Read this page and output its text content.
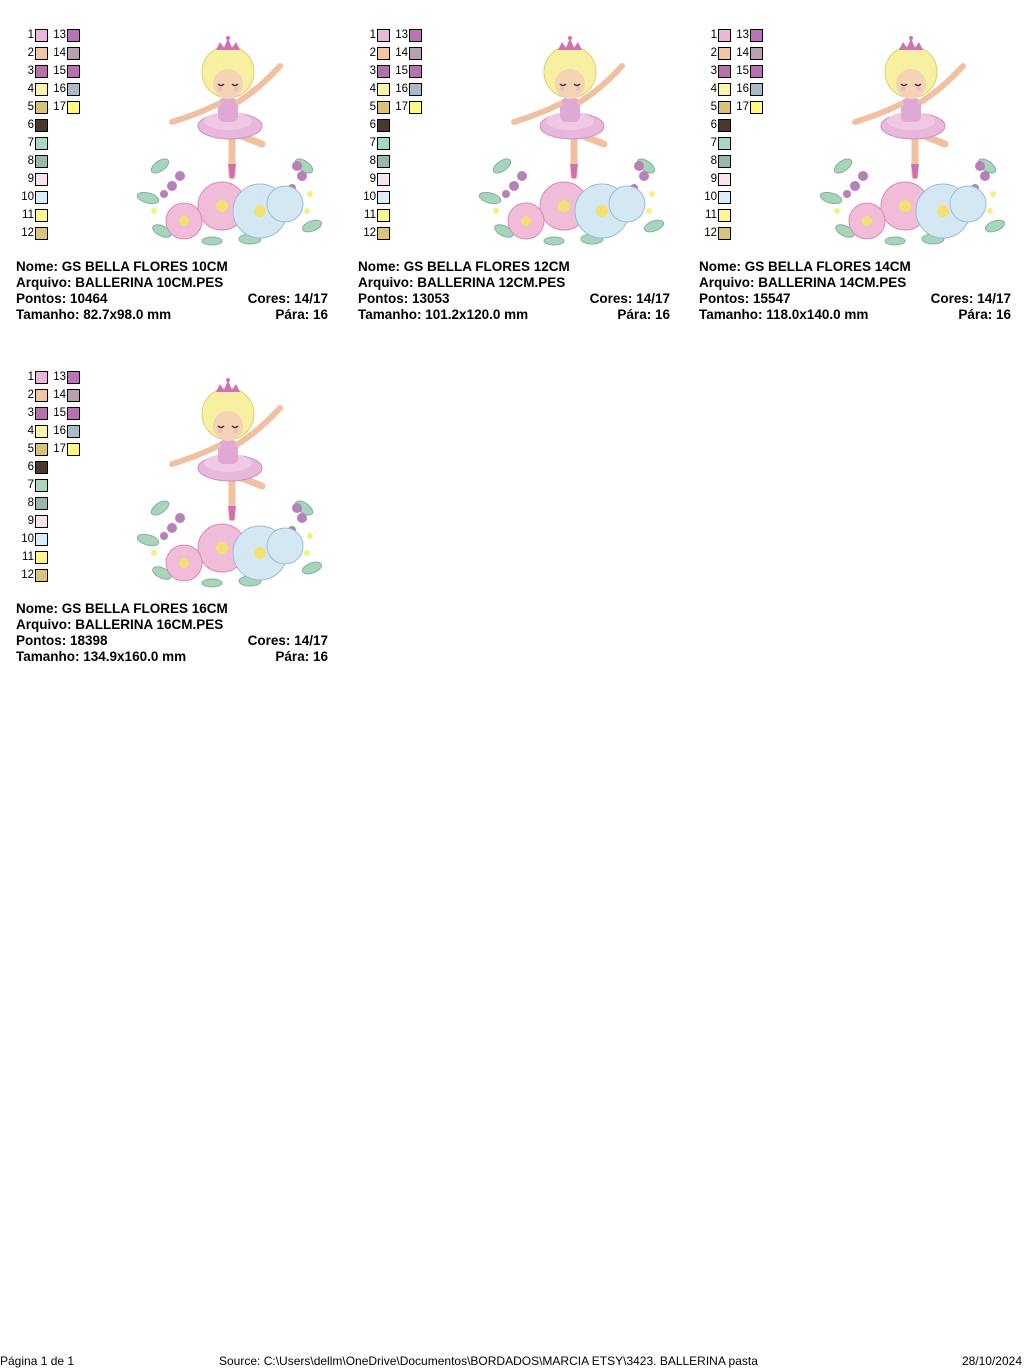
1
2
3
4
5
6
7
8
9
10
11
12
13
14
15
16
17
Nome: GS BELLA FLORES 10CM
Arquivo: BALLERINA 10CM.PES
Pontos: 10464	Cores: 14/17
Tamanho: 82.7x98.0 mm	Pára: 16
1
2
3
4
5
6
7
8
9
10
11
12
13
14
15
16
17
Nome: GS BELLA FLORES 12CM
Arquivo: BALLERINA 12CM.PES
Pontos: 13053	Cores: 14/17
Tamanho: 101.2x120.0 mm	Pára: 16
1
2
3
4
5
6
7
8
9
10
11
12
13
14
15
16
17
Nome: GS BELLA FLORES 14CM
Arquivo: BALLERINA 14CM.PES
Pontos: 15547	Cores: 14/17
Tamanho: 118.0x140.0 mm	Pára: 16
1
2
3
4
5
6
7
8
9
10
11
12
13
14
15
16
17
Nome: GS BELLA FLORES 16CM
Arquivo: BALLERINA 16CM.PES
Pontos: 18398	Cores: 14/17
Tamanho: 134.9x160.0 mm	Pára: 16
Página 1 de 1	Source: C:\Users\dellm\OneDrive\Documentos\BORDADOS\MARCIA ETSY\3423. BALLERINA pasta	28/10/2024
